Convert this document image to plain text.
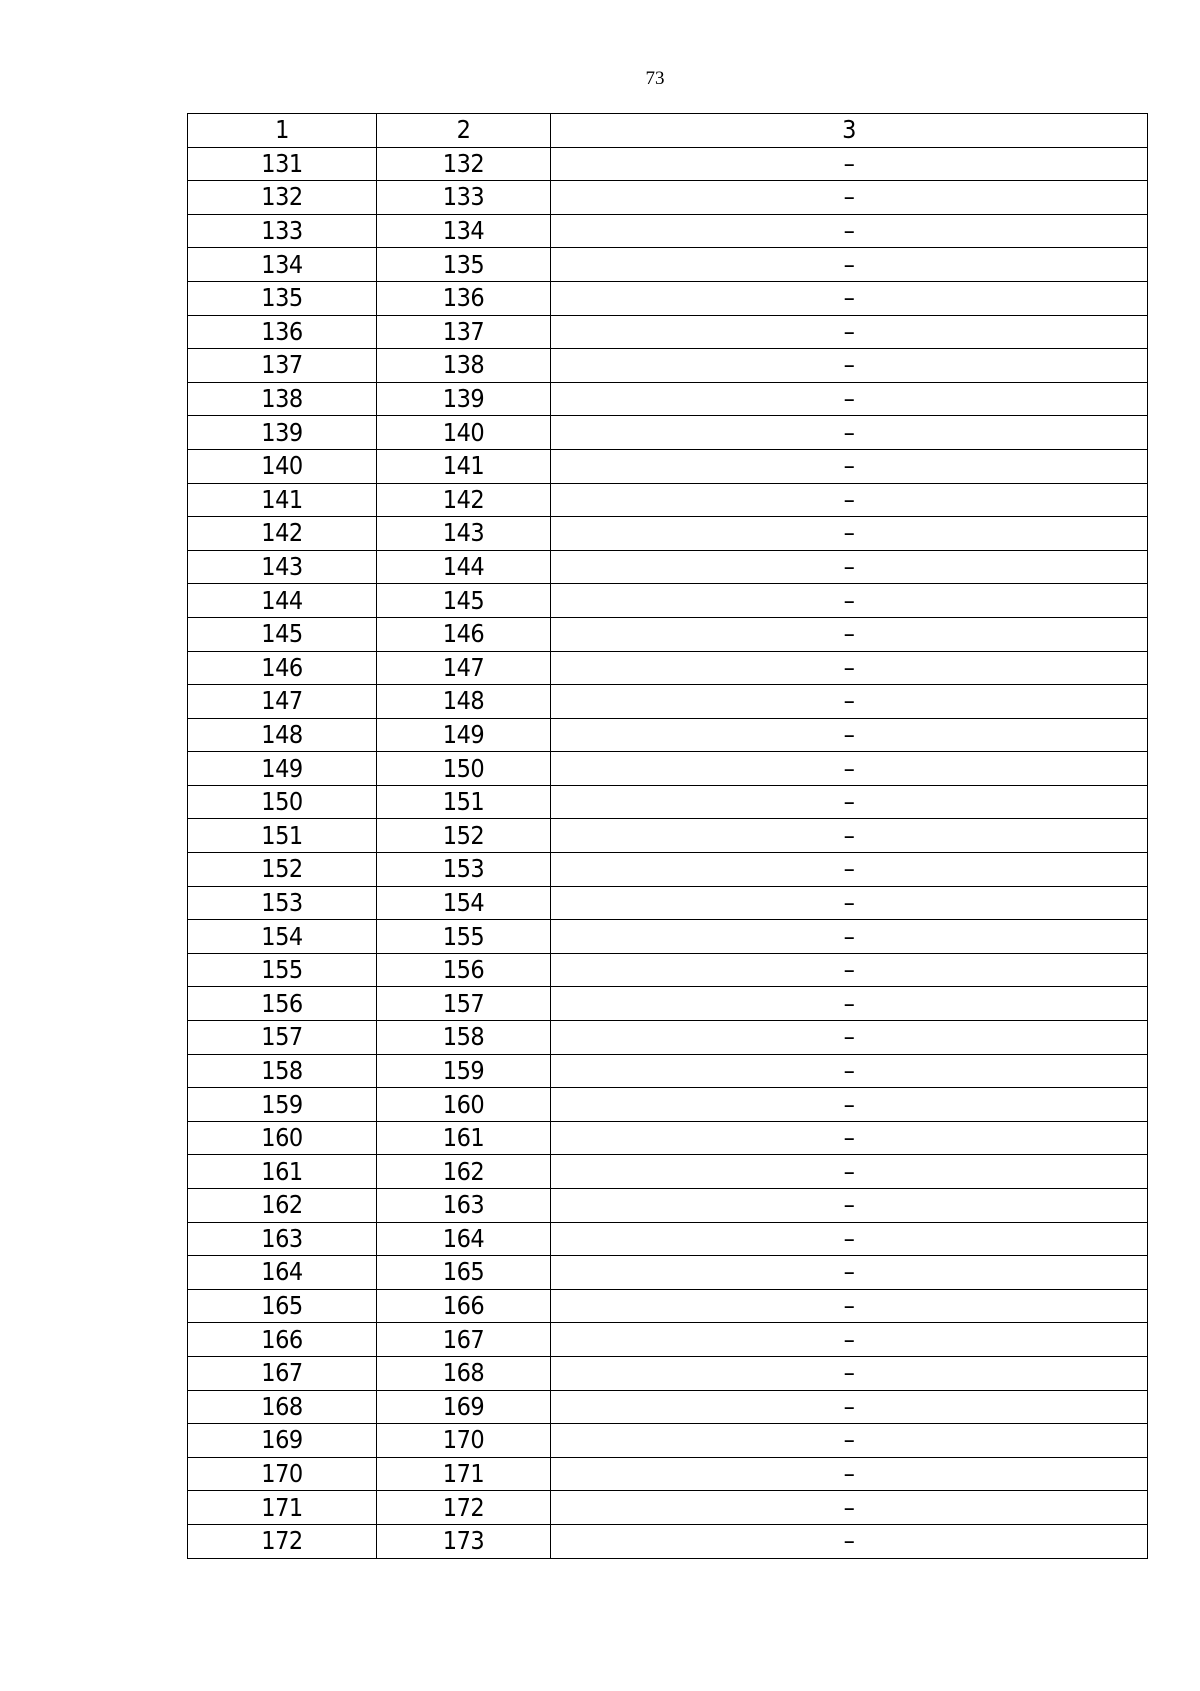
73
1	2	3
131	132	–
132	133	–
133	134	–
134	135	–
135	136	–
136	137	–
137	138	–
138	139	–
139	140	–
140	141	–
141	142	–
142	143	–
143	144	–
144	145	–
145	146	–
146	147	–
147	148	–
148	149	–
149	150	–
150	151	–
151	152	–
152	153	–
153	154	–
154	155	–
155	156	–
156	157	–
157	158	–
158	159	–
159	160	–
160	161	–
161	162	–
162	163	–
163	164	–
164	165	–
165	166	–
166	167	–
167	168	–
168	169	–
169	170	–
170	171	–
171	172	–
172	173	–
